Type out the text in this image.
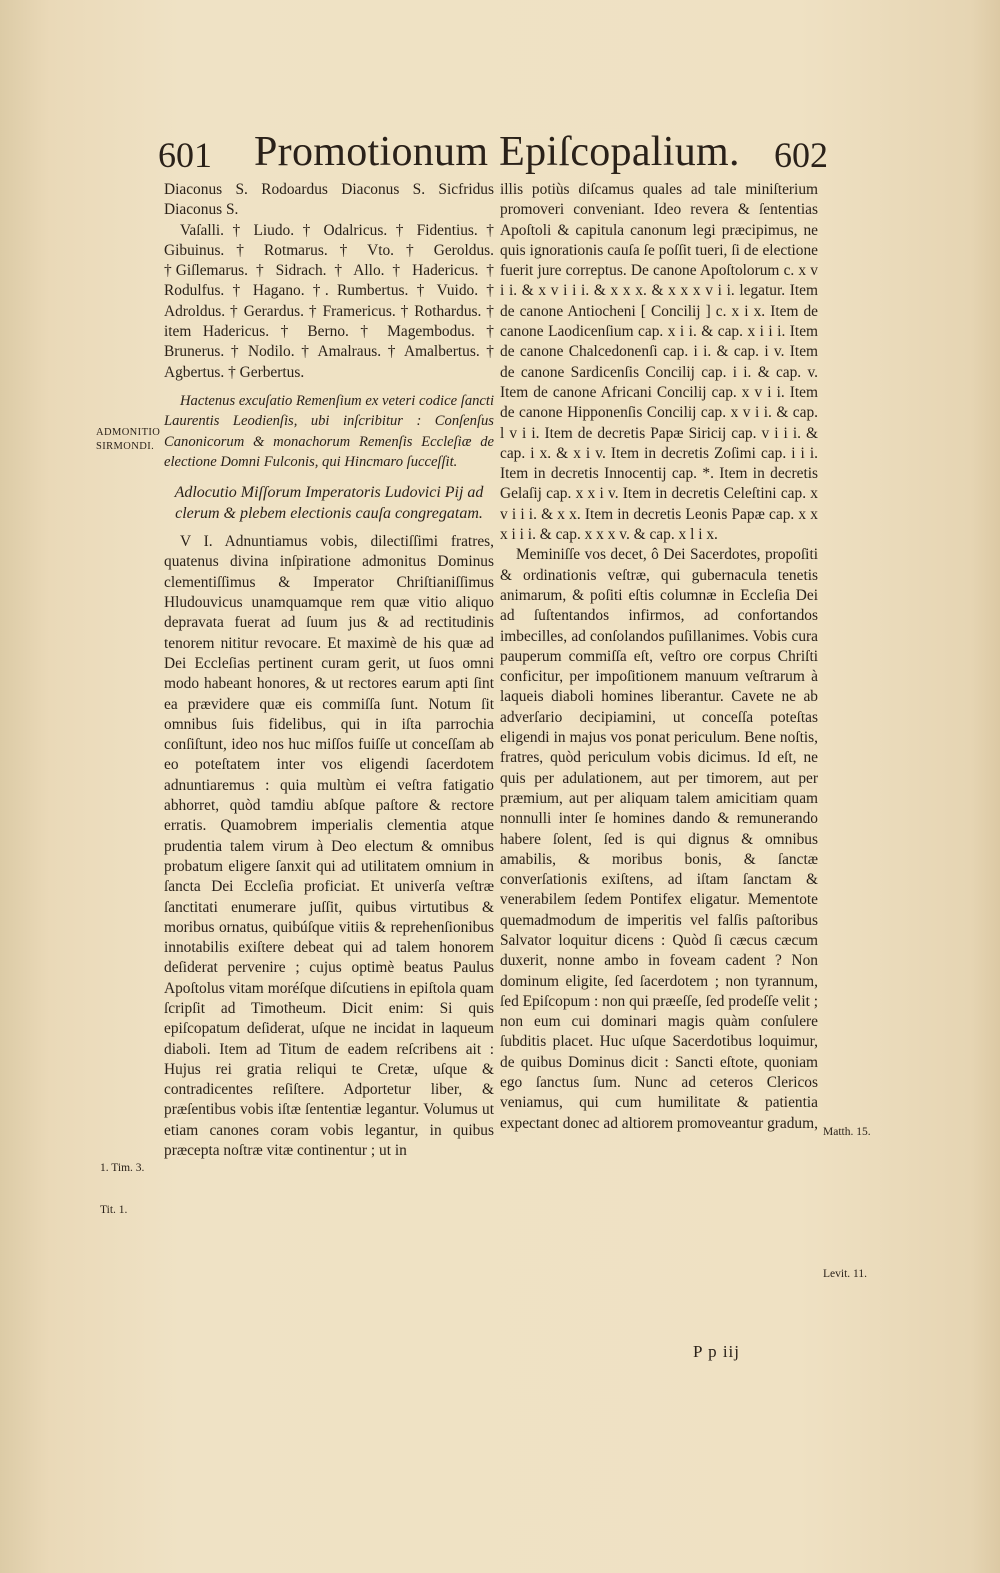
601 Promotionum Epiſcopalium. 602

Diaconus S. Rodoardus Diaconus S. Sicfridus Diaconus S.

Vaſalli. † Liudo. † Odalricus. † Fidentius. † Gibuinus. † Rotmarus. † Vto. † Geroldus. †Giſlemarus. † Sidrach. † Allo. † Hadericus. † Rodulfus. † Hagano. †. Rumbertus. † Vuido. † Adroldus. † Gerardus. † Framericus. † Rothardus. † item Hadericus. † Berno. † Magembodus. † Brunerus. † Nodilo. † Amalraus. † Amalbertus. † Agbertus. † Gerbertus.

Hactenus excuſatio Remenſium ex veteri codice ſancti Laurentis Leodienſis, ubi inſcribitur : Conſenſus Canonicorum & monachorum Remenſis Eccleſiæ de electione Domni Fulconis, qui Hincmaro ſucceſſit.

Adlocutio Miſſorum Imperatoris Ludovici Pij ad clerum & plebem electionis cauſa congregatam.

V I. Adnuntiamus vobis, dilectiſſimi fratres, quatenus divina inſpiratione admonitus Dominus clementiſſimus & Imperator Chriſtianiſſimus Hludouvicus unamquamque rem quæ vitio aliquo depravata fuerat ad ſuum jus & ad rectitudinis tenorem nititur revocare. Et maximè de his quæ ad Dei Eccleſias pertinent curam gerit, ut ſuos omni modo habeant honores, & ut rectores earum apti ſint ea prævidere quæ eis commiſſa ſunt. Notum ſit omnibus ſuis fidelibus, qui in iſta parrochia conſiſtunt, ideo nos huc miſſos fuiſſe ut conceſſam ab eo poteſtatem inter vos eligendi ſacerdotem adnuntiaremus : quia multùm ei veſtra fatigatio abhorret, quòd tamdiu abſque paſtore & rectore erratis. Quamobrem imperialis clementia atque prudentia talem virum à Deo electum & omnibus probatum eligere ſanxit qui ad utilitatem omnium in ſancta Dei Eccleſia proficiat. Et univerſa veſtræ ſanctitati enumerare juſſit, quibus virtutibus & moribus ornatus, quibúſque vitiis & reprehenſionibus innotabilis exiſtere debeat qui ad talem honorem deſiderat pervenire ; cujus optimè beatus Paulus Apoſtolus vitam moréſque diſcutiens in epiſtola quam ſcripſit ad Timotheum. Dicit enim: Si quis epiſcopatum deſiderat, uſque ne incidat in laqueum diaboli. Item ad Titum de eadem reſcribens ait : Hujus rei gratia reliqui te Cretæ, uſque & contradicentes reſiſtere. Adportetur liber, & præſentibus vobis iſtæ ſententiæ legantur. Volumus ut etiam canones coram vobis legantur, in quibus præcepta noſtræ vitæ continentur ; ut in

illis potiùs diſcamus quales ad tale miniſterium promoveri conveniant. Ideo revera & ſententias Apoſtoli & capitula canonum legi præcipimus, ne quis ignorationis cauſa ſe poſſit tueri, ſi de electione fuerit jure correptus. De canone Apoſtolorum c. x v i i. & x v i i i. & x x x. & x x x v i i. legatur. Item de canone Antiocheni [ Concilij ] c. x i x. Item de canone Laodicenſium cap. x i i. & cap. x i i i. Item de canone Chalcedonenſi cap. i i. & cap. i v. Item de canone Sardicenſis Concilij cap. i i. & cap. v. Item de canone Africani Concilij cap. x v i i. Item de canone Hipponenſis Concilij cap. x v i i. & cap. l v i i. Item de decretis Papæ Siricij cap. v i i i. & cap. i x. & x i v. Item in decretis Zoſimi cap. i i i. Item in decretis Innocentij cap. *. Item in decretis Gelaſij cap. x x i v. Item in decretis Celeſtini cap. x v i i i. & x x. Item in decretis Leonis Papæ cap. x x x i i i. & cap. x x x v. & cap. x l i x.

Meminiſſe vos decet, ô Dei Sacerdotes, propoſiti & ordinationis veſtræ, qui gubernacula tenetis animarum, & poſiti eſtis columnæ in Eccleſia Dei ad ſuſtentandos infirmos, ad confortandos imbecilles, ad conſolandos puſillanimes. Vobis cura pauperum commiſſa eſt, veſtro ore corpus Chriſti conficitur, per impoſitionem manuum veſtrarum à laqueis diaboli homines liberantur. Cavete ne ab adverſario decipiamini, ut conceſſa poteſtas eligendi in majus vos ponat periculum. Bene noſtis, fratres, quòd periculum vobis dicimus. Id eſt, ne quis per adulationem, aut per timorem, aut per præmium, aut per aliquam talem amicitiam quam nonnulli inter ſe homines dando & remunerando habere ſolent, ſed is qui dignus & omnibus amabilis, & moribus bonis, & ſanctæ converſationis exiſtens, ad iſtam ſanctam & venerabilem ſedem Pontifex eligatur. Mementote quemadmodum de imperitis vel falſis paſtoribus Salvator loquitur dicens : Quòd ſi cæcus cæcum duxerit, nonne ambo in foveam cadent ? Non dominum eligite, ſed ſacerdotem ; non tyrannum, ſed Epiſcopum : non qui præeſſe, ſed prodeſſe velit ; non eum cui dominari magis quàm conſulere ſubditis placet. Huc uſque Sacerdotibus loquimur, de quibus Dominus dicit : Sancti eſtote, quoniam ego ſanctus ſum. Nunc ad ceteros Clericos veniamus, qui cum humilitate & patientia expectant donec ad altiorem promoveantur gradum,

ADMONITIO SIRMONDI.
1. Tim. 3.
Tit. 1.
Matth. 15.
Levit. 11.
P p iij
